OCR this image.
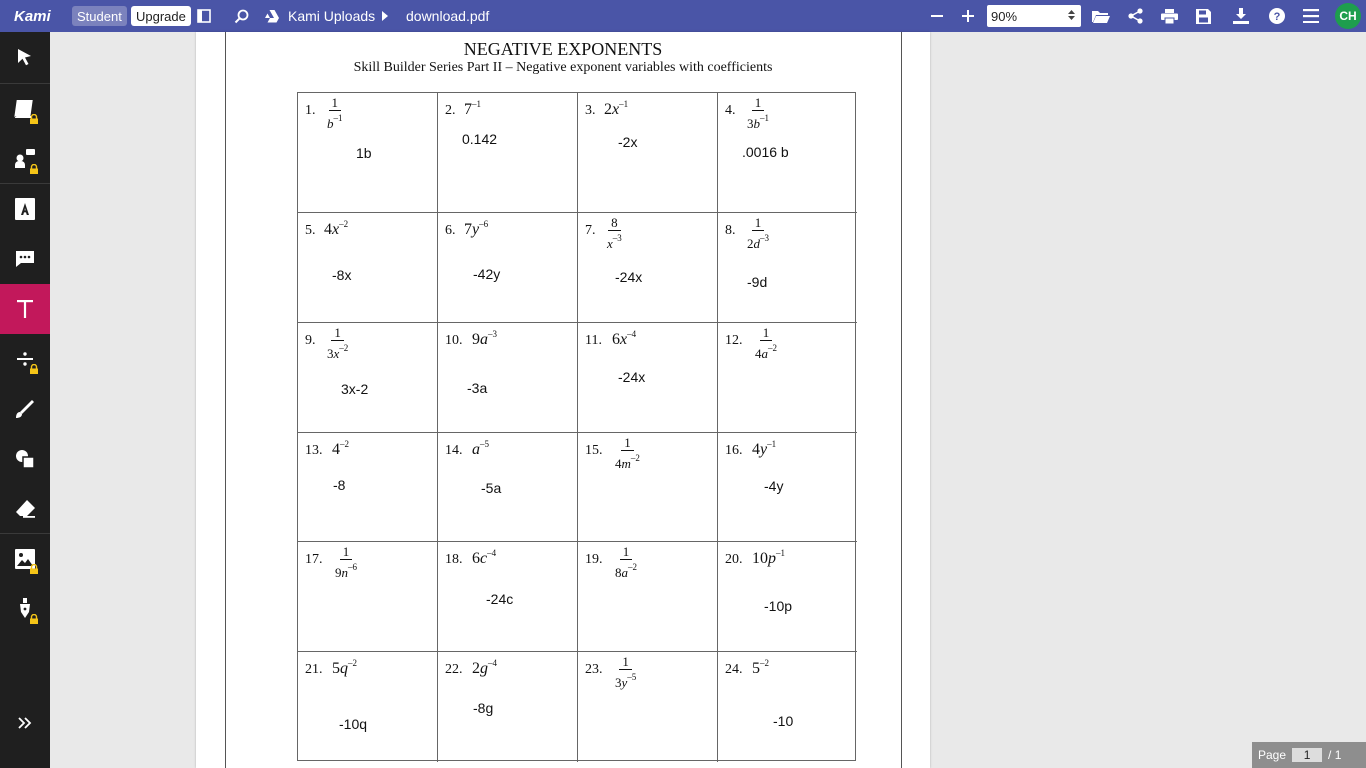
Kami	Student	Upgrade	Kami Uploads download.pdf	90%	?	CH
NEGATIVE EXPONENTS
Skill Builder Series Part II – Negative exponent variables with coefficients
1. $\frac{1}{b^{-1}}$
1b
2. $7^{-1}$
0.142
3. $2x^{-1}$
-2x
4. $\frac{1}{3b^{-1}}$
.0016 b
5. $4x^{-2}$
-8x
6. $7y^{-6}$
-42y
7. $\frac{8}{x^{-3}}$
-24x
8. $\frac{1}{2d^{-3}}$
-9d
9. $\frac{1}{3x^{-2}}$
3x-2
10. $9a^{-3}$
-3a
11. $6x^{-4}$
-24x
12. $\frac{1}{4a^{-2}}$
13. $4^{-2}$
-8
14. $a^{-5}$
-5a
15. $\frac{1}{4m^{-2}}$	16. $4y^{-1}$
-4y
17. $\frac{1}{9n^{-6}}$	18. $6c^{-4}$
-24c
19. $\frac{1}{8a^{-2}}$	20. $10p^{-1}$
-10p
21. $5q^{-2}$
-10q
22. $2g^{-4}$
-8g
23. $\frac{1}{3y^{-5}}$	24. $5^{-2}$
-10
Page	1	/ 1
